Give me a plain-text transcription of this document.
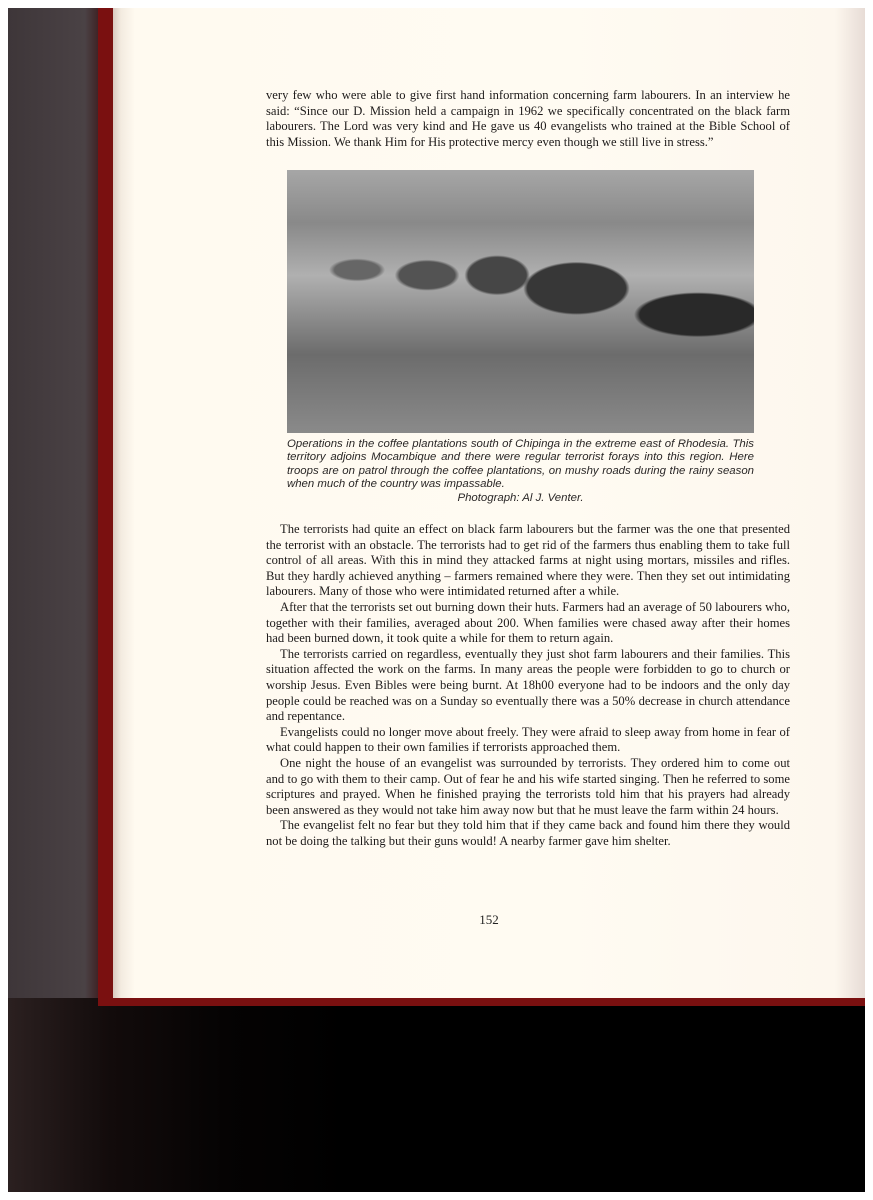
very few who were able to give first hand information concerning farm labourers. In an interview he said: “Since our D. Mission held a campaign in 1962 we specifically concentrated on the black farm labourers. The Lord was very kind and He gave us 40 evangelists who trained at the Bible School of this Mission. We thank Him for His protective mercy even though we still live in stress.”

Operations in the coffee plantations south of Chipinga in the extreme east of Rhodesia. This territory adjoins Mocambique and there were regular terrorist forays into this region. Here troops are on patrol through the coffee plantations, on mushy roads during the rainy season when much of the country was impassable.
Photograph: Al J. Venter.

The terrorists had quite an effect on black farm labourers but the farmer was the one that presented the terrorist with an obstacle. The terrorists had to get rid of the farmers thus enabling them to take full control of all areas. With this in mind they attacked farms at night using mortars, missiles and rifles. But they hardly achieved anything – farmers remained where they were. Then they set out intimidating labourers. Many of those who were intimidated returned after a while.

After that the terrorists set out burning down their huts. Farmers had an average of 50 labourers who, together with their families, averaged about 200. When families were chased away after their homes had been burned down, it took quite a while for them to return again.

The terrorists carried on regardless, eventually they just shot farm labourers and their families. This situation affected the work on the farms. In many areas the people were forbidden to go to church or worship Jesus. Even Bibles were being burnt. At 18h00 everyone had to be indoors and the only day people could be reached was on a Sunday so eventually there was a 50% decrease in church attendance and repentance.

Evangelists could no longer move about freely. They were afraid to sleep away from home in fear of what could happen to their own families if terrorists approached them.

One night the house of an evangelist was surrounded by terrorists. They ordered him to come out and to go with them to their camp. Out of fear he and his wife started singing. Then he referred to some scriptures and prayed. When he finished praying the terrorists told him that his prayers had already been answered as they would not take him away now but that he must leave the farm within 24 hours.

The evangelist felt no fear but they told him that if they came back and found him there they would not be doing the talking but their guns would! A nearby farmer gave him shelter.

152
